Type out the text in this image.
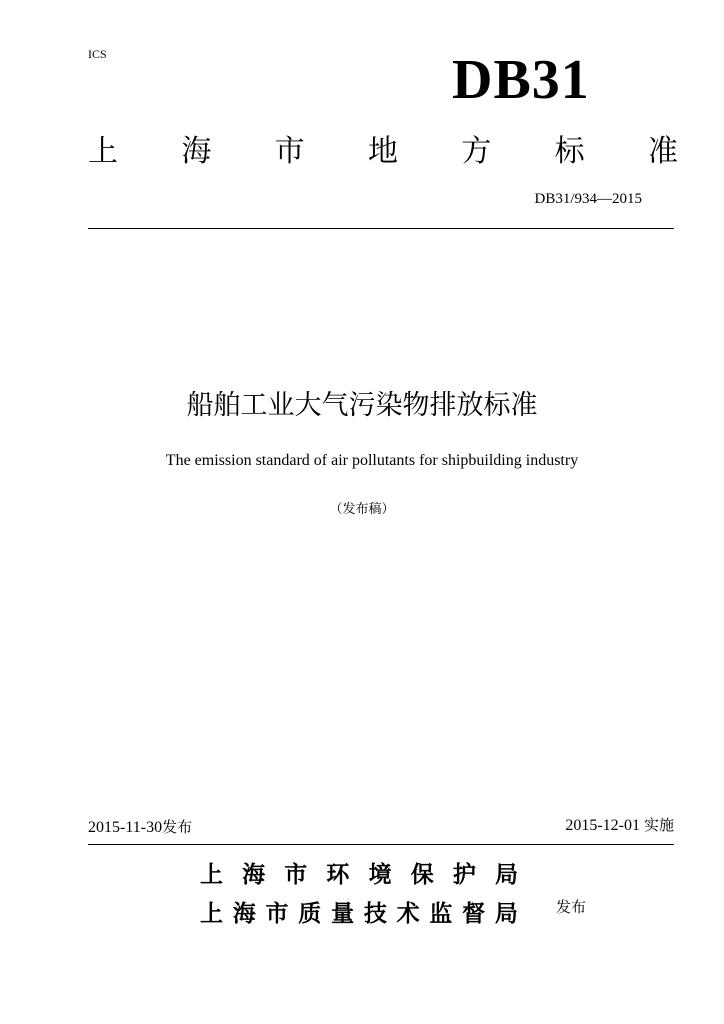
ICS	DB31
上 海 市 地 方 标 准
DB31/934—2015
船舶工业大气污染物排放标准
The emission standard of air pollutants for shipbuilding industry
（发布稿）
2015-11-30发布	2015-12-01 实施
上 海 市 环 境 保 护 局
上 海 市 质 量 技 术 监 督 局	发布
